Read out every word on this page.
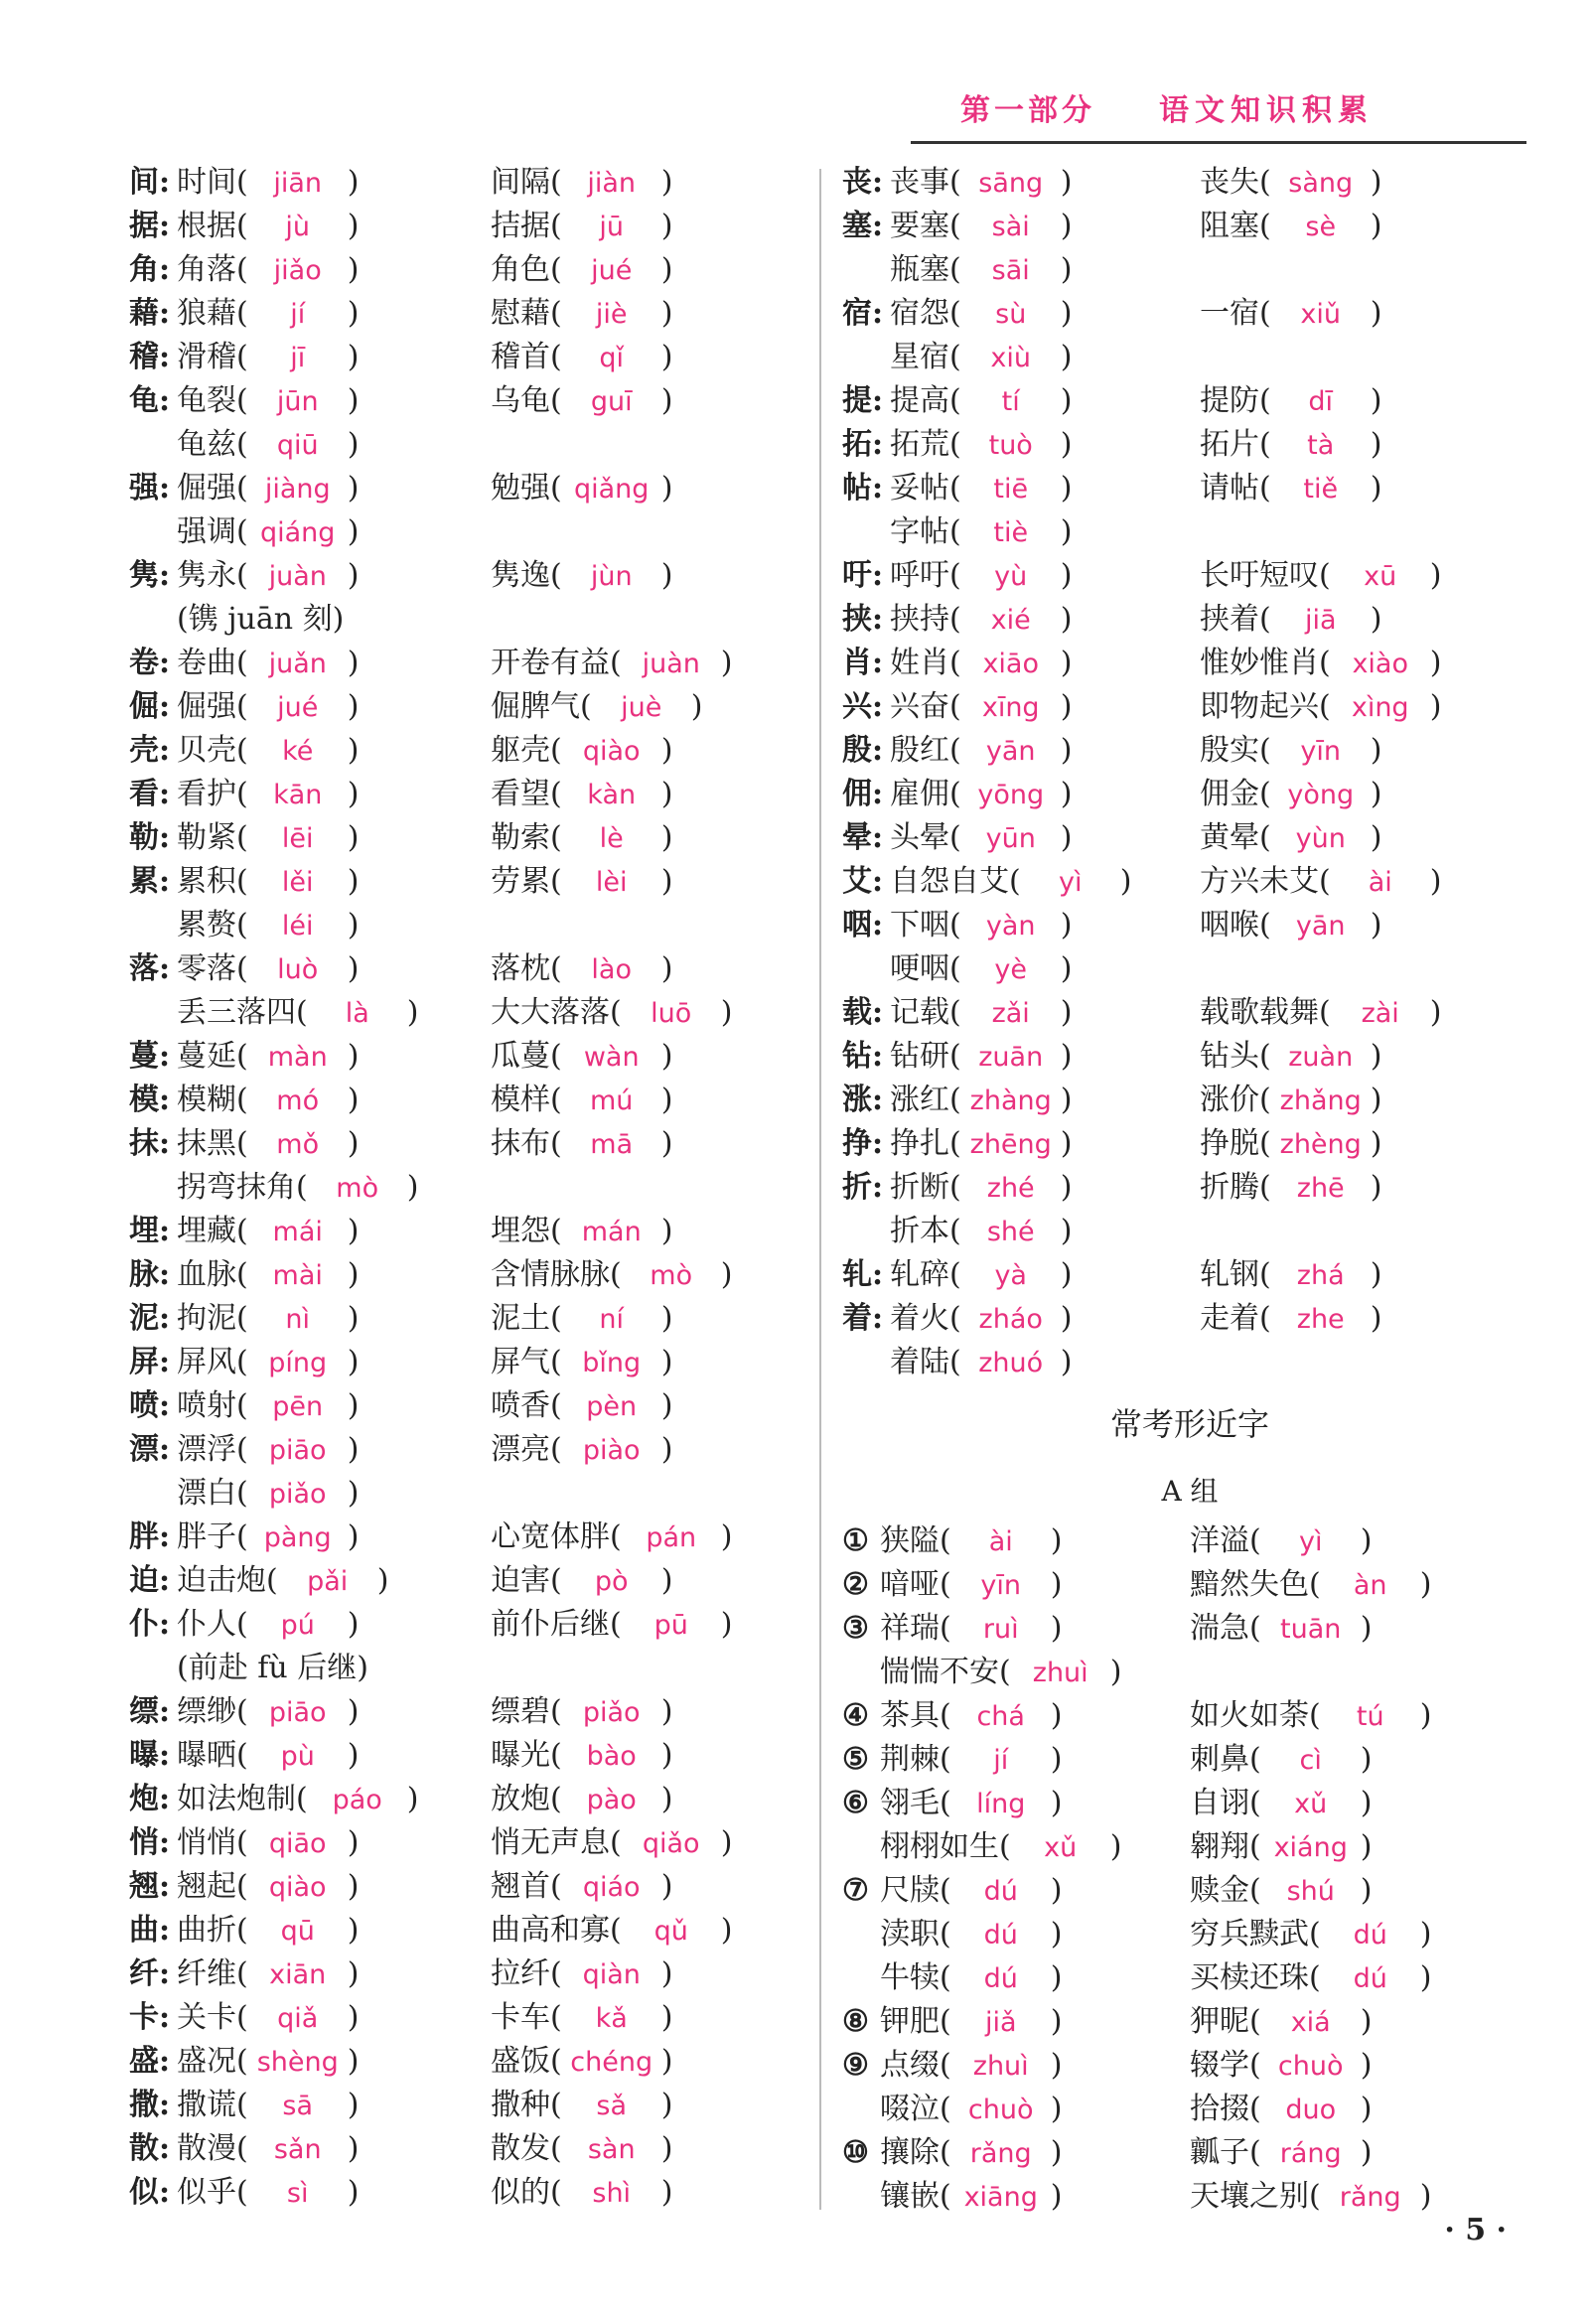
第一部分 语文知识积累
间: 时间( jiān )	间隔( jiàn )
据: 根据( jù )	拮据( jū )
角: 角落( jiǎo )	角色( jué )
藉: 狼藉( jí )	慰藉( jiè )
稽: 滑稽( jī )	稽首( qǐ )
龟: 龟裂( jūn )	乌龟( guī )
龟兹( qiū )
强: 倔强( jiàng )	勉强( qiǎng )
强调( qiáng )
隽: 隽永( juàn )	隽逸( jùn )
(镌 juān 刻)
卷: 卷曲( juǎn )	开卷有益( juàn )
倔: 倔强( jué )	倔脾气( juè )
壳: 贝壳( ké )	躯壳( qiào )
看: 看护( kān )	看望( kàn )
勒: 勒紧( lēi )	勒索( lè )
累: 累积( lěi )	劳累( lèi )
累赘( léi )
落: 零落( luò )	落枕( lào )
丢三落四( là ) 大大落落( luō )
蔓: 蔓延( màn )	瓜蔓( wàn )
模: 模糊( mó )	模样( mú )
抹: 抹黑( mǒ )	抹布( mā )
拐弯抹角( mò )
埋: 埋藏( mái )	埋怨( mán )
脉: 血脉( mài )	含情脉脉( mò )
泥: 拘泥( nì )	泥土( ní )
屏: 屏风( píng )	屏气( bǐng )
喷: 喷射( pēn )	喷香( pèn )
漂: 漂浮( piāo )	漂亮( piào )
漂白( piǎo )
胖: 胖子( pàng )	心宽体胖( pán )
迫: 迫击炮( pǎi )	迫害( pò )
仆: 仆人( pú )	前仆后继( pū )
(前赴 fù 后继)
缥: 缥缈( piāo )	缥碧( piǎo )
曝: 曝晒( pù )	曝光( bào )
炮: 如法炮制( páo ) 放炮( pào )
悄: 悄悄( qiāo )	悄无声息( qiǎo )
翘: 翘起( qiào )	翘首( qiáo )
曲: 曲折( qū )	曲高和寡( qǔ )
纤: 纤维( xiān )	拉纤( qiàn )
卡: 关卡( qiǎ )	卡车( kǎ )
盛: 盛况( shèng )	盛饭( chéng )
撒: 撒谎( sā )	撒种( sǎ )
散: 散漫( sǎn )	散发( sàn )
似: 似乎( sì )	似的( shì )
丧: 丧事( sāng )	丧失( sàng )
塞: 要塞( sài )	阻塞( sè )
瓶塞( sāi )
宿: 宿怨( sù )	一宿( xiǔ )
星宿( xiù )
提: 提高( tí )	提防( dī )
拓: 拓荒( tuò )	拓片( tà )
帖: 妥帖( tiē )	请帖( tiě )
字帖( tiè )
吁: 呼吁( yù )	长吁短叹( xū )
挟: 挟持( xié )	挟着( jiā )
肖: 姓肖( xiāo )	惟妙惟肖( xiào )
兴: 兴奋( xīng )	即物起兴( xìng )
殷: 殷红( yān )	殷实( yīn )
佣: 雇佣( yōng )	佣金( yòng )
晕: 头晕( yūn )	黄晕( yùn )
艾: 自怨自艾( yì ) 方兴未艾( ài )
咽: 下咽( yàn )	咽喉( yān )
哽咽( yè )
载: 记载( zǎi )	载歌载舞( zài )
钻: 钻研( zuān )	钻头( zuàn )
涨: 涨红( zhàng )	涨价( zhǎng )
挣: 挣扎( zhēng )	挣脱( zhèng )
折: 折断( zhé )	折腾( zhē )
折本( shé )
轧: 轧碎( yà )	轧钢( zhá )
着: 着火( zháo )	走着( zhe )
着陆( zhuó )
常考形近字
A 组
① 狭隘( ài )	洋溢( yì )
② 喑哑( yīn )	黯然失色( àn )
③ 祥瑞( ruì )	湍急( tuān )
惴惴不安( zhuì )
④ 茶具( chá )	如火如荼( tú )
⑤ 荆棘( jí )	刺鼻( cì )
⑥ 翎毛( líng )	自诩( xǔ )
栩栩如生( xǔ ) 翱翔( xiáng )
⑦ 尺牍( dú )	赎金( shú )
渎职( dú )	穷兵黩武( dú )
牛犊( dú )	买椟还珠( dú )
⑧ 钾肥( jiǎ )	狎昵( xiá )
⑨ 点缀( zhuì )	辍学( chuò )
啜泣( chuò )	拾掇( duo )
⑩ 攘除( rǎng )	瓤子( ráng )
镶嵌( xiāng )	天壤之别( rǎng )
· 5 ·
